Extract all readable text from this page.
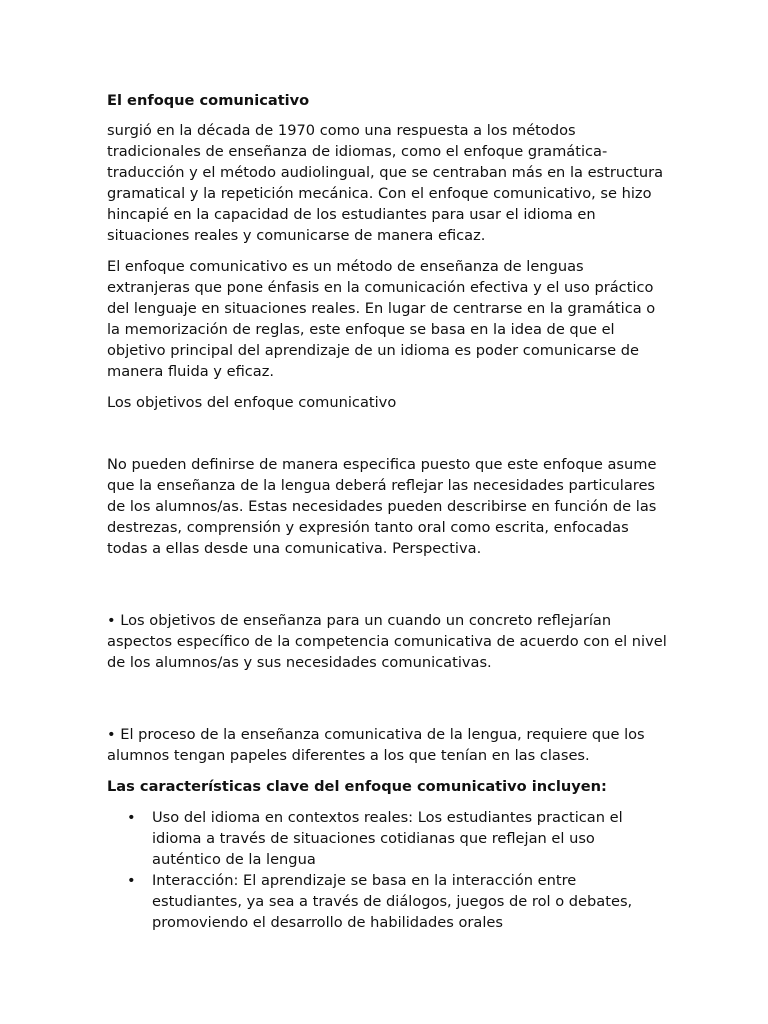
El enfoque comunicativo

surgió en la década de 1970 como una respuesta a los métodos tradicionales de enseñanza de idiomas, como el enfoque gramática-traducción y el método audiolingual, que se centraban más en la estructura gramatical y la repetición mecánica. Con el enfoque comunicativo, se hizo hincapié en la capacidad de los estudiantes para usar el idioma en situaciones reales y comunicarse de manera eficaz.

El enfoque comunicativo es un método de enseñanza de lenguas extranjeras que pone énfasis en la comunicación efectiva y el uso práctico del lenguaje en situaciones reales. En lugar de centrarse en la gramática o la memorización de reglas, este enfoque se basa en la idea de que el objetivo principal del aprendizaje de un idioma es poder comunicarse de manera fluida y eficaz.

Los objetivos del enfoque comunicativo

No pueden definirse de manera especifica puesto que este enfoque asume que la enseñanza de la lengua deberá reflejar las necesidades particulares de los alumnos/as. Estas necesidades pueden describirse en función de las destrezas, comprensión y expresión tanto oral como escrita, enfocadas todas a ellas desde una comunicativa. Perspectiva.

• Los objetivos de enseñanza para un cuando un concreto reflejarían aspectos específico de la competencia comunicativa de acuerdo con el nivel de los alumnos/as y sus necesidades comunicativas.

• El proceso de la enseñanza comunicativa de la lengua, requiere que los alumnos tengan papeles diferentes a los que tenían en las clases.

Las características clave del enfoque comunicativo incluyen:
• Uso del idioma en contextos reales: Los estudiantes practican el idioma a través de situaciones cotidianas que reflejan el uso auténtico de la lengua
• Interacción: El aprendizaje se basa en la interacción entre estudiantes, ya sea a través de diálogos, juegos de rol o debates, promoviendo el desarrollo de habilidades orales
